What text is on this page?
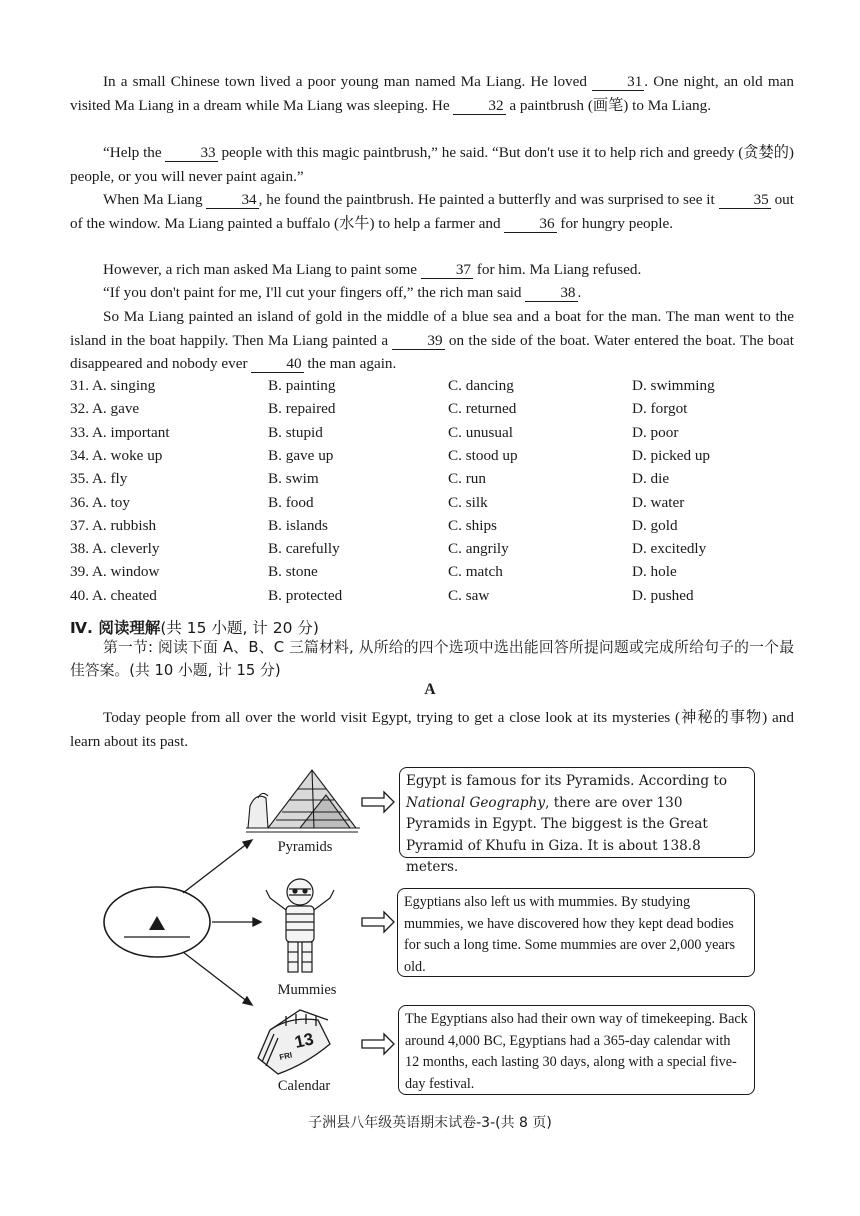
In a small Chinese town lived a poor young man named Ma Liang. He loved 31 . One night, an old man visited Ma Liang in a dream while Ma Liang was sleeping. He 32 a paintbrush (画笔) to Ma Liang.
“Help the 33 people with this magic paintbrush,” he said. “But don't use it to help rich and greedy (贪婪的) people, or you will never paint again.”
When Ma Liang 34 , he found the paintbrush. He painted a butterfly and was surprised to see it 35 out of the window. Ma Liang painted a buffalo (水牛) to help a farmer and 36 for hungry people.
However, a rich man asked Ma Liang to paint some 37 for him. Ma Liang refused.
“If you don't paint for me, I'll cut your fingers off,” the rich man said 38 .
So Ma Liang painted an island of gold in the middle of a blue sea and a boat for the man. The man went to the island in the boat happily. Then Ma Liang painted a 39 on the side of the boat. Water entered the boat. The boat disappeared and nobody ever 40 the man again.
31. A. singing	B. painting	C. dancing	D. swimming
32. A. gave	B. repaired	C. returned	D. forgot
33. A. important	B. stupid	C. unusual	D. poor
34. A. woke up	B. gave up	C. stood up	D. picked up
35. A. fly	B. swim	C. run	D. die
36. A. toy	B. food	C. silk	D. water
37. A. rubbish	B. islands	C. ships	D. gold
38. A. cleverly	B. carefully	C. angrily	D. excitedly
39. A. window	B. stone	C. match	D. hole
40. A. cheated	B. protected	C. saw	D. pushed
Ⅳ. 阅读理解(共 15 小题, 计 20 分)
第一节: 阅读下面 A、B、C 三篇材料, 从所给的四个选项中选出能回答所提问题或完成所给句子的一个最佳答案。(共 10 小题, 计 15 分)
A
Today people from all over the world visit Egypt, trying to get a close look at its mysteries (神秘的事物) and learn about its past.
13
FRI
Pyramids
Mummies
Calendar
Egypt is famous for its Pyramids. According to National Geography, there are over 130 Pyramids in Egypt. The biggest is the Great Pyramid of Khufu in Giza. It is about 138.8 meters.
Egyptians also left us with mummies. By studying mummies, we have discovered how they kept dead bodies for such a long time. Some mummies are over 2,000 years old.
The Egyptians also had their own way of timekeeping. Back around 4,000 BC, Egyptians had a 365-day calendar with 12 months, each lasting 30 days, along with a special five-day festival.
子洲县八年级英语期末试卷-3-(共 8 页)
